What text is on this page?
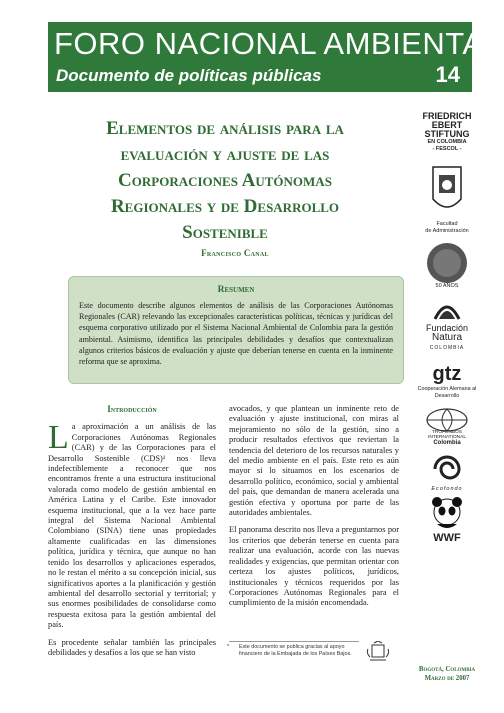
FORO NACIONAL AMBIENTAL
Documento de políticas públicas	14
Elementos de análisis para la
evaluación y ajuste de las
Corporaciones Autónomas
Regionales y de Desarrollo
Sostenible
Francisco Canal
Resumen
Este documento describe algunos elementos de análisis de las Corporaciones Autónomas Regionales (CAR) relevando las excepcionales características políticas, técnicas y jurídicas del esquema corporativo utilizado por el Sistema Nacional Ambiental de Colombia para la gestión ambiental. Asimismo, identifica las principales debilidades y desafíos que contextualizan algunos criterios básicos de evaluación y ajuste que deberían tenerse en cuenta en la inminente reforma que se aproxima.
Introducción

La aproximación a un análisis de las Corporaciones Autónomas Regionales (CAR) y de las Corporaciones para el Desarrollo Sostenible (CDS)¹ nos lleva indefectiblemente a reconocer que nos encontramos frente a una estructura institucional valorada como modelo de gestión ambiental en América Latina y el Caribe. Este innovador esquema institucional, que a la vez hace parte integral del Sistema Nacional Ambiental Colombiano (SINA) tiene unas propiedades altamente cualificadas en las dimensiones política, jurídica y técnica, que aunque no han tenido los desarrollos y aplicaciones esperados, no le restan el mérito a su concepción inicial, sus significativos aportes a la planificación y gestión ambiental del desarrollo sectorial y territorial; y sus enormes posibilidades de consolidarse como respuesta exitosa para la gestión ambiental del país.

Es procedente señalar también las principales debilidades y desafíos a los que se han visto

avocados, y que plantean un inminente reto de evaluación y ajuste institucional, con miras al mejoramiento no sólo de la gestión, sino a producir resultados efectivos que reviertan la tendencia del deterioro de los recursos naturales y del medio ambiente en el país. Este reto es aún mayor si lo situamos en los escenarios de desarrollo político, económico, social y ambiental del país, que demandan de manera acelerada una gestión efectiva y oportuna por parte de las autoridades ambientales.

El panorama descrito nos lleva a preguntarnos por los criterios que deberán tenerse en cuenta para realizar una evaluación, acorde con las nuevas realidades y exigencias, que permitan orientar con certeza los ajustes políticos, jurídicos, institucionales y técnicos requeridos por las Corporaciones Autónomas Regionales para el cumplimiento de la misión encomendada.

* Este documento se publica gracias al apoyo financiero de la Embajada de los Países Bajos.
FRIEDRICH
EBERT
STIFTUNG
EN COLOMBIA
- FESCOL -
Facultad
de Administración
50 AÑOS
Fundación
Natura
COLOMBIA
gtz
Cooperación Alemana al Desarrollo
TROPENBOS INTERNATIONAL
Colombia
Ecofondo
WWF
Bogotá, Colombia
Marzo de 2007
